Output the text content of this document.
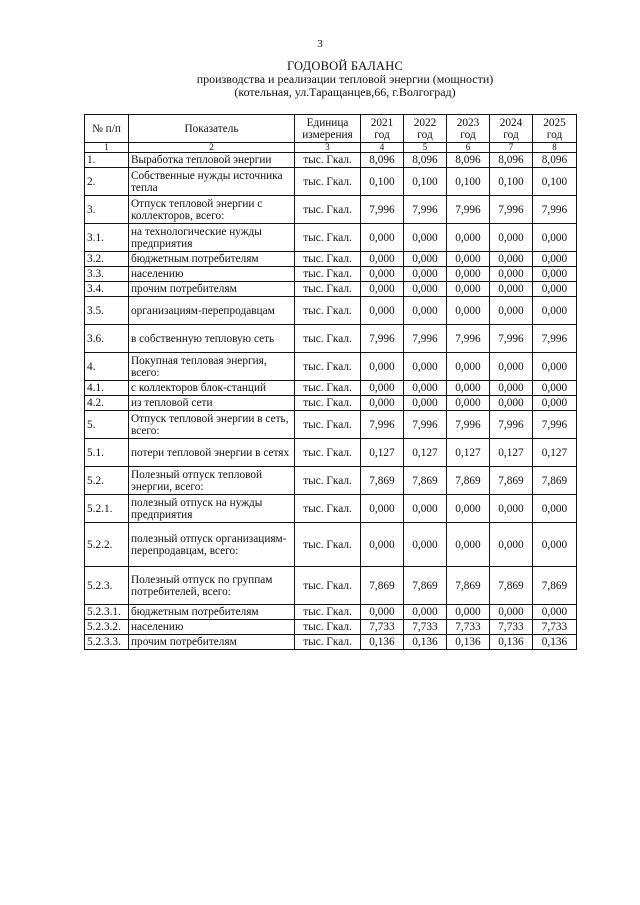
3
ГОДОВОЙ БАЛАНС
производства и реализации тепловой энергии (мощности)
(котельная, ул.Таращанцев,66, г.Волгоград)
№ п/п	Показатель	Единица измерения	2021 год	2022 год	2023 год	2024 год	2025 год
1	2	3	4	5	6	7	8
1.	Выработка тепловой энергии	тыс. Гкал.	8,096	8,096	8,096	8,096	8,096
2.	Собственные нужды источника тепла	тыс. Гкал.	0,100	0,100	0,100	0,100	0,100
3.	Отпуск тепловой энергии с коллекторов, всего:	тыс. Гкал.	7,996	7,996	7,996	7,996	7,996
3.1.	на технологические нужды предприятия	тыс. Гкал.	0,000	0,000	0,000	0,000	0,000
3.2.	бюджетным потребителям	тыс. Гкал.	0,000	0,000	0,000	0,000	0,000
3.3.	населению	тыс. Гкал.	0,000	0,000	0,000	0,000	0,000
3.4.	прочим потребителям	тыс. Гкал.	0,000	0,000	0,000	0,000	0,000
3.5.	организациям-перепродавцам	тыс. Гкал.	0,000	0,000	0,000	0,000	0,000
3.6.	в собственную тепловую сеть	тыс. Гкал.	7,996	7,996	7,996	7,996	7,996
4.	Покупная тепловая энергия, всего:	тыс. Гкал.	0,000	0,000	0,000	0,000	0,000
4.1.	с коллекторов блок-станций	тыс. Гкал.	0,000	0,000	0,000	0,000	0,000
4.2.	из тепловой сети	тыс. Гкал.	0,000	0,000	0,000	0,000	0,000
5.	Отпуск тепловой энергии в сеть, всего:	тыс. Гкал.	7,996	7,996	7,996	7,996	7,996
5.1.	потери тепловой энергии в сетях	тыс. Гкал.	0,127	0,127	0,127	0,127	0,127
5.2.	Полезный отпуск тепловой энергии, всего:	тыс. Гкал.	7,869	7,869	7,869	7,869	7,869
5.2.1.	полезный отпуск на нужды предприятия	тыс. Гкал.	0,000	0,000	0,000	0,000	0,000
5.2.2.	полезный отпуск организациям-перепродавцам, всего:	тыс. Гкал.	0,000	0,000	0,000	0,000	0,000
5.2.3.	Полезный отпуск по группам потребителей, всего:	тыс. Гкал.	7,869	7,869	7,869	7,869	7,869
5.2.3.1.	бюджетным потребителям	тыс. Гкал.	0,000	0,000	0,000	0,000	0,000
5.2.3.2.	населению	тыс. Гкал.	7,733	7,733	7,733	7,733	7,733
5.2.3.3.	прочим потребителям	тыс. Гкал.	0,136	0,136	0,136	0,136	0,136
